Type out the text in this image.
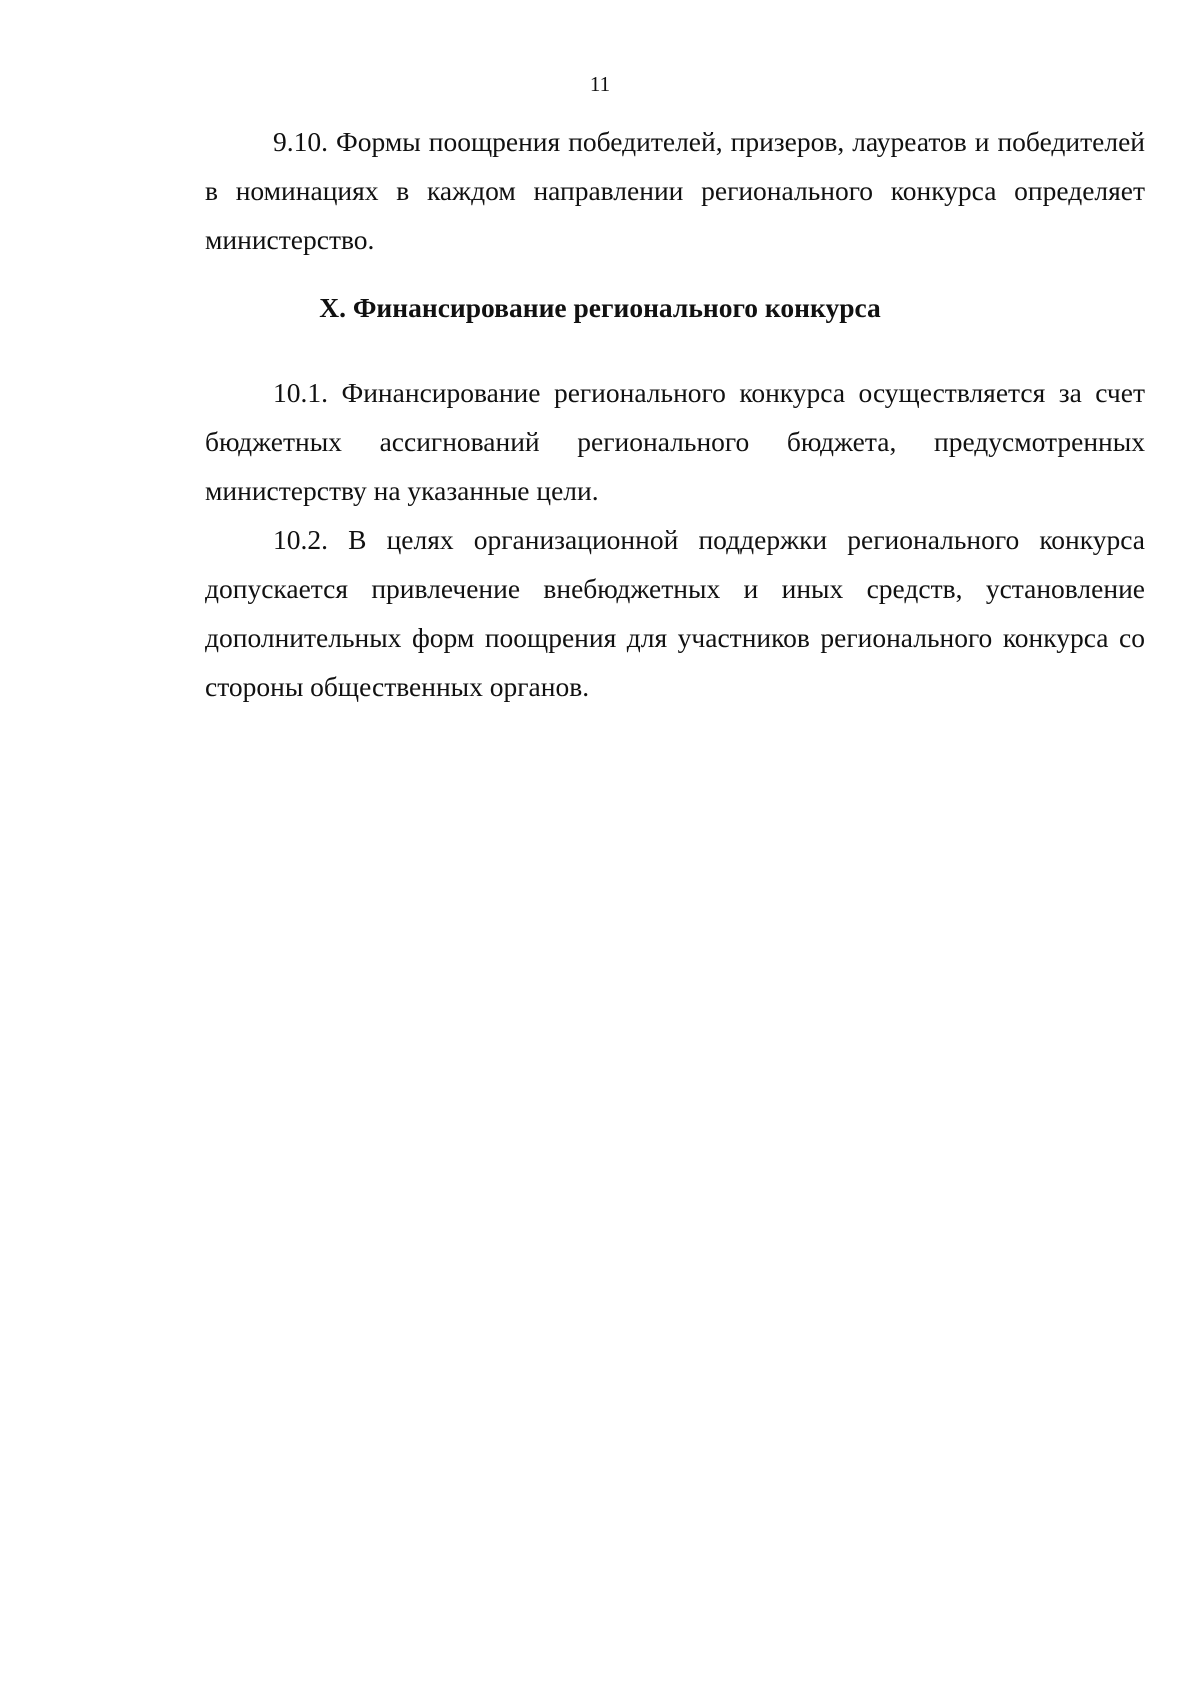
11

9.10. Формы поощрения победителей, призеров, лауреатов и победителей в номинациях в каждом направлении регионального конкурса определяет министерство.

X. Финансирование регионального конкурса

10.1. Финансирование регионального конкурса осуществляется за счет бюджетных ассигнований регионального бюджета, предусмотренных министерству на указанные цели.

10.2. В целях организационной поддержки регионального конкурса допускается привлечение внебюджетных и иных средств, установление дополнительных форм поощрения для участников регионального конкурса со стороны общественных органов.
